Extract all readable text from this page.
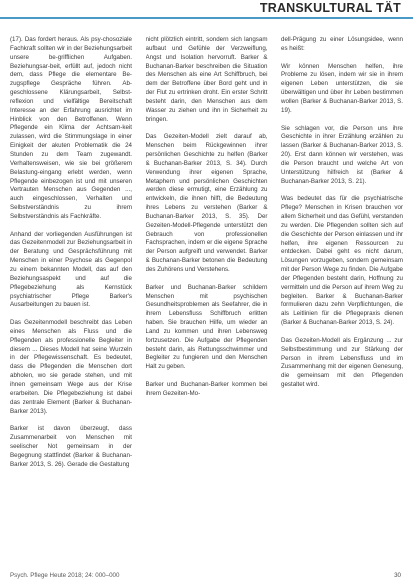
TRANSKULTURAL TÄT

(17). Das fordert heraus. Als psy-chosoziale Fachkraft sollten wir in der Beziehungsarbeit unsere be-grifflichen Aufgaben. Beziehungsar-beit, erfüllt auf, jedoch nicht dem, dass Pflege die elementare Be-zugspflege Gespräche führen. Ab-geschlossene Klärungsarbeit, Selbst-reflexion und vielfältige Bereitschaft Interesse an der Erfahrung ausrichtet im Hinblick von den Betroffenen. Wenn Pflegende ein Klima der Achtsam-keit zulassen, wird die Stimmungslage in einer Einigkeit der akuten Problematik die 24 Stunden zu dem Team zugewandt. Verhaltensweisen, wie sie bei größerem Belastung-eingang erlebt werden, wenn Pflegende einbezogen ist und mit unseren Vertrauten Menschen aus Gegenden ..., auch eingeschlossen, Verhalten und Selbstverständnis zu ihrem Selbstverständnis als Fachkräfte.

Anhand der vorliegenden Ausführungen ist das Gezeitenmodell zur Beziehungsarbeit in der Beratung und Gesprächsführung mit Menschen in einer Psychose als Gegenpol zu einem bekannten Modell, das auf den Beziehungsaspekt und auf die Pflegebeziehung als Kernstück psychiatrischer Pflege Barker's Ausarbeitungen zu bauen ist.

Das Gezeitenmodell beschreibt das Leben eines Menschen als Fluss und die Pflegenden als professionelle Begleiter in diesem ... Dieses Modell hat seine Wurzeln in der Pflegewissenschaft. Es bedeutet, dass die Pflegenden die Menschen dort abholen, wo sie gerade stehen, und mit ihnen gemeinsam Wege aus der Krise erarbeiten. Die Pflegebeziehung ist dabei das zentrale Element (Barker & Buchanan-Barker 2013).

Barker ist davon überzeugt, dass Zusammenarbeit von Menschen mit seelischer Not gemeinsam in der Begegnung stattfindet (Barker & Buchanan-Barker 2013, S. 26). Gerade die Gestaltung

nicht plötzlich eintritt, sondern sich langsam aufbaut und Gefühle der Verzweiflung, Angst und Isolation hervorruft. Barker & Buchanan-Barker beschreiben die Situation des Menschen als eine Art Schiffbruch, bei dem der Betroffene über Bord geht und in der Flut zu ertrinken droht. Ein erster Schritt besteht darin, den Menschen aus dem Wasser zu ziehen und ihn in Sicherheit zu bringen.

Das Gezeiten-Modell zielt darauf ab, Menschen beim Rückgewinnen ihrer persönlichen Geschichte zu helfen (Barker & Buchanan-Barker 2013, S. 34). Durch Verwendung ihrer eigenen Sprache, Metaphern und persönlichen Geschichten werden diese ermutigt, eine Erzählung zu entwickeln, die ihnen hilft, die Bedeutung ihres Lebens zu verstehen (Barker & Buchanan-Barker 2013, S. 35). Der Gezeiten-Modell-Pflegende unterstützt den Gebrauch von professionellen Fachsprachen, indem er die eigene Sprache der Person aufgreift und verwendet. Barker & Buchanan-Barker betonen die Bedeutung des Zuhörens und Verstehens.

Barker und Buchanan-Barker schildern Menschen mit psychischen Gesundheitsproblemen als Seefahrer, die in ihrem Lebensfluss Schiffbruch erlitten haben. Sie brauchen Hilfe, um wieder an Land zu kommen und ihren Lebensweg fortzusetzen. Die Aufgabe der Pflegenden besteht darin, als Rettungsschwimmer und Begleiter zu fungieren und den Menschen Halt zu geben.

Barker und Buchanan-Barker kommen bei ihrem Gezeiten-Mo-

dell-Prägung zu einer Lösungsidee, wenn es heißt:

Wir können Menschen helfen, ihre Probleme zu lösen, indem wir sie in ihrem eigenen Leben unterstützen, die sie überwältigen und über ihr Leben bestimmen wollen (Barker & Buchanan-Barker 2013, S. 19).

Sie schlagen vor, die Person uns ihre Geschichte in ihrer Erzählung erzählen zu lassen (Barker & Buchanan-Barker 2013, S. 20). Erst dann können wir verstehen, was die Person braucht und welche Art von Unterstützung hilfreich ist (Barker & Buchanan-Barker 2013, S. 21).

Was bedeutet das für die psychiatrische Pflege? Menschen in Krisen brauchen vor allem Sicherheit und das Gefühl, verstanden zu werden. Die Pflegenden sollten sich auf die Geschichte der Person einlassen und ihr helfen, ihre eigenen Ressourcen zu entdecken. Dabei geht es nicht darum, Lösungen vorzugeben, sondern gemeinsam mit der Person Wege zu finden. Die Aufgabe der Pflegenden besteht darin, Hoffnung zu vermitteln und die Person auf ihrem Weg zu begleiten. Barker & Buchanan-Barker formulieren dazu zehn Verpflichtungen, die als Leitlinien für die Pflegepraxis dienen (Barker & Buchanan-Barker 2013, S. 24).

Das Gezeiten-Modell als Ergänzung ... zur Selbstbestimmung und zur Stärkung der Person in ihrem Lebensfluss und im Zusammenhang mit der eigenen Genesung, die gemeinsam mit den Pflegenden gestaltet wird.

Psych. Pflege Heute 2018; 24: 000–000	30
